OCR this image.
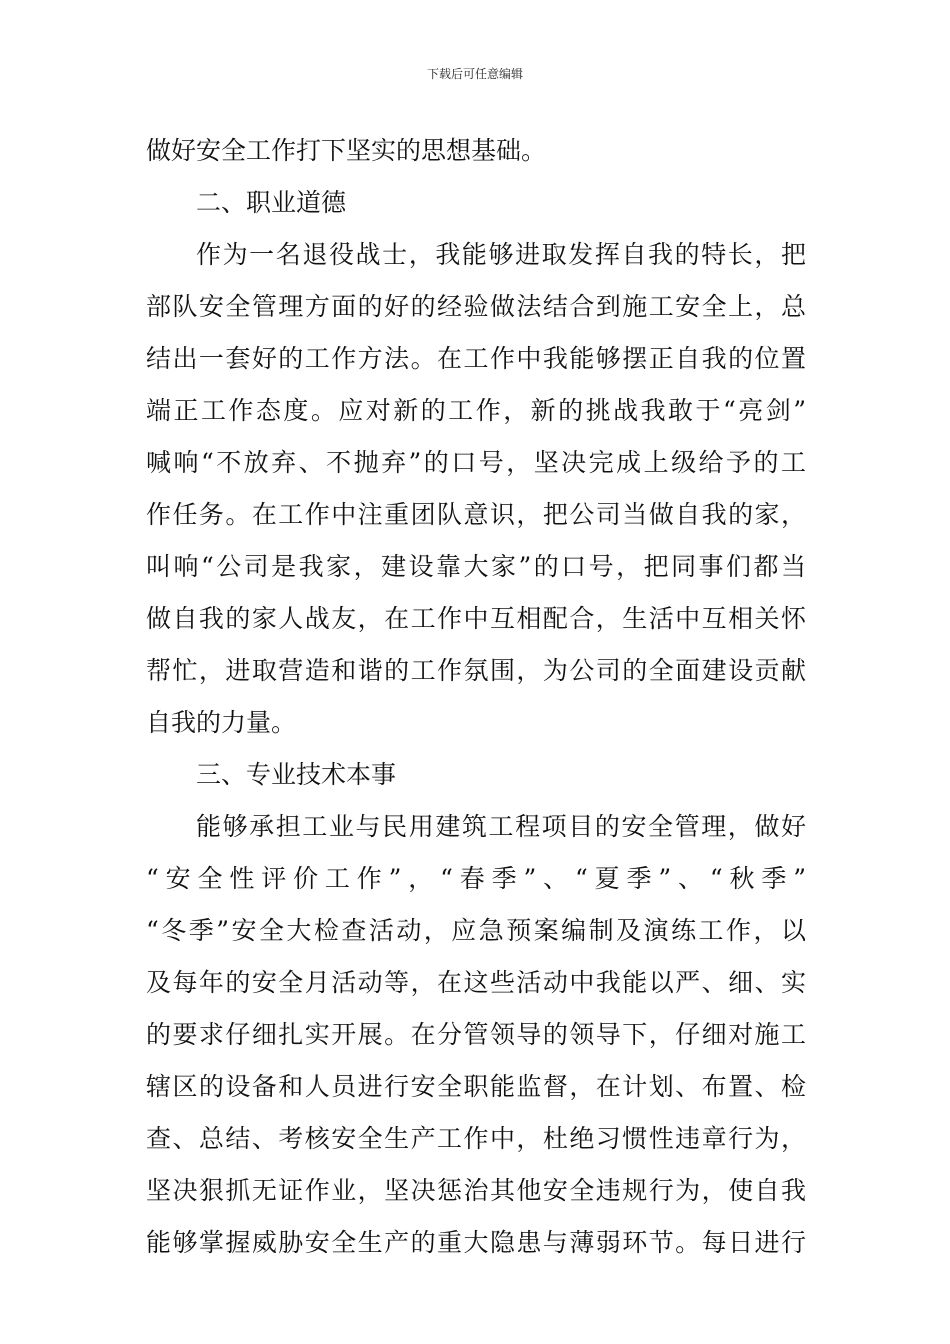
下载后可任意编辑
做好安全工作打下坚实的思想基础。
二、职业道德
作为一名退役战士，我能够进取发挥自我的特长，把
部队安全管理方面的好的经验做法结合到施工安全上，总
结出一套好的工作方法。在工作中我能够摆正自我的位置
端正工作态度。应对新的工作，新的挑战我敢于“亮剑”
喊响“不放弃、不抛弃”的口号，坚决完成上级给予的工
作任务。在工作中注重团队意识，把公司当做自我的家，
叫响“公司是我家，建设靠大家”的口号，把同事们都当
做自我的家人战友，在工作中互相配合，生活中互相关怀
帮忙，进取营造和谐的工作氛围，为公司的全面建设贡献
自我的力量。
三、专业技术本事
能够承担工业与民用建筑工程项目的安全管理，做好
“安全性评价工作”，“春季”、“夏季”、“秋季”
“冬季”安全大检查活动，应急预案编制及演练工作，以
及每年的安全月活动等，在这些活动中我能以严、细、实
的要求仔细扎实开展。在分管领导的领导下，仔细对施工
辖区的设备和人员进行安全职能监督，在计划、布置、检
查、总结、考核安全生产工作中，杜绝习惯性违章行为，
坚决狠抓无证作业，坚决惩治其他安全违规行为，使自我
能够掌握威胁安全生产的重大隐患与薄弱环节。每日进行
